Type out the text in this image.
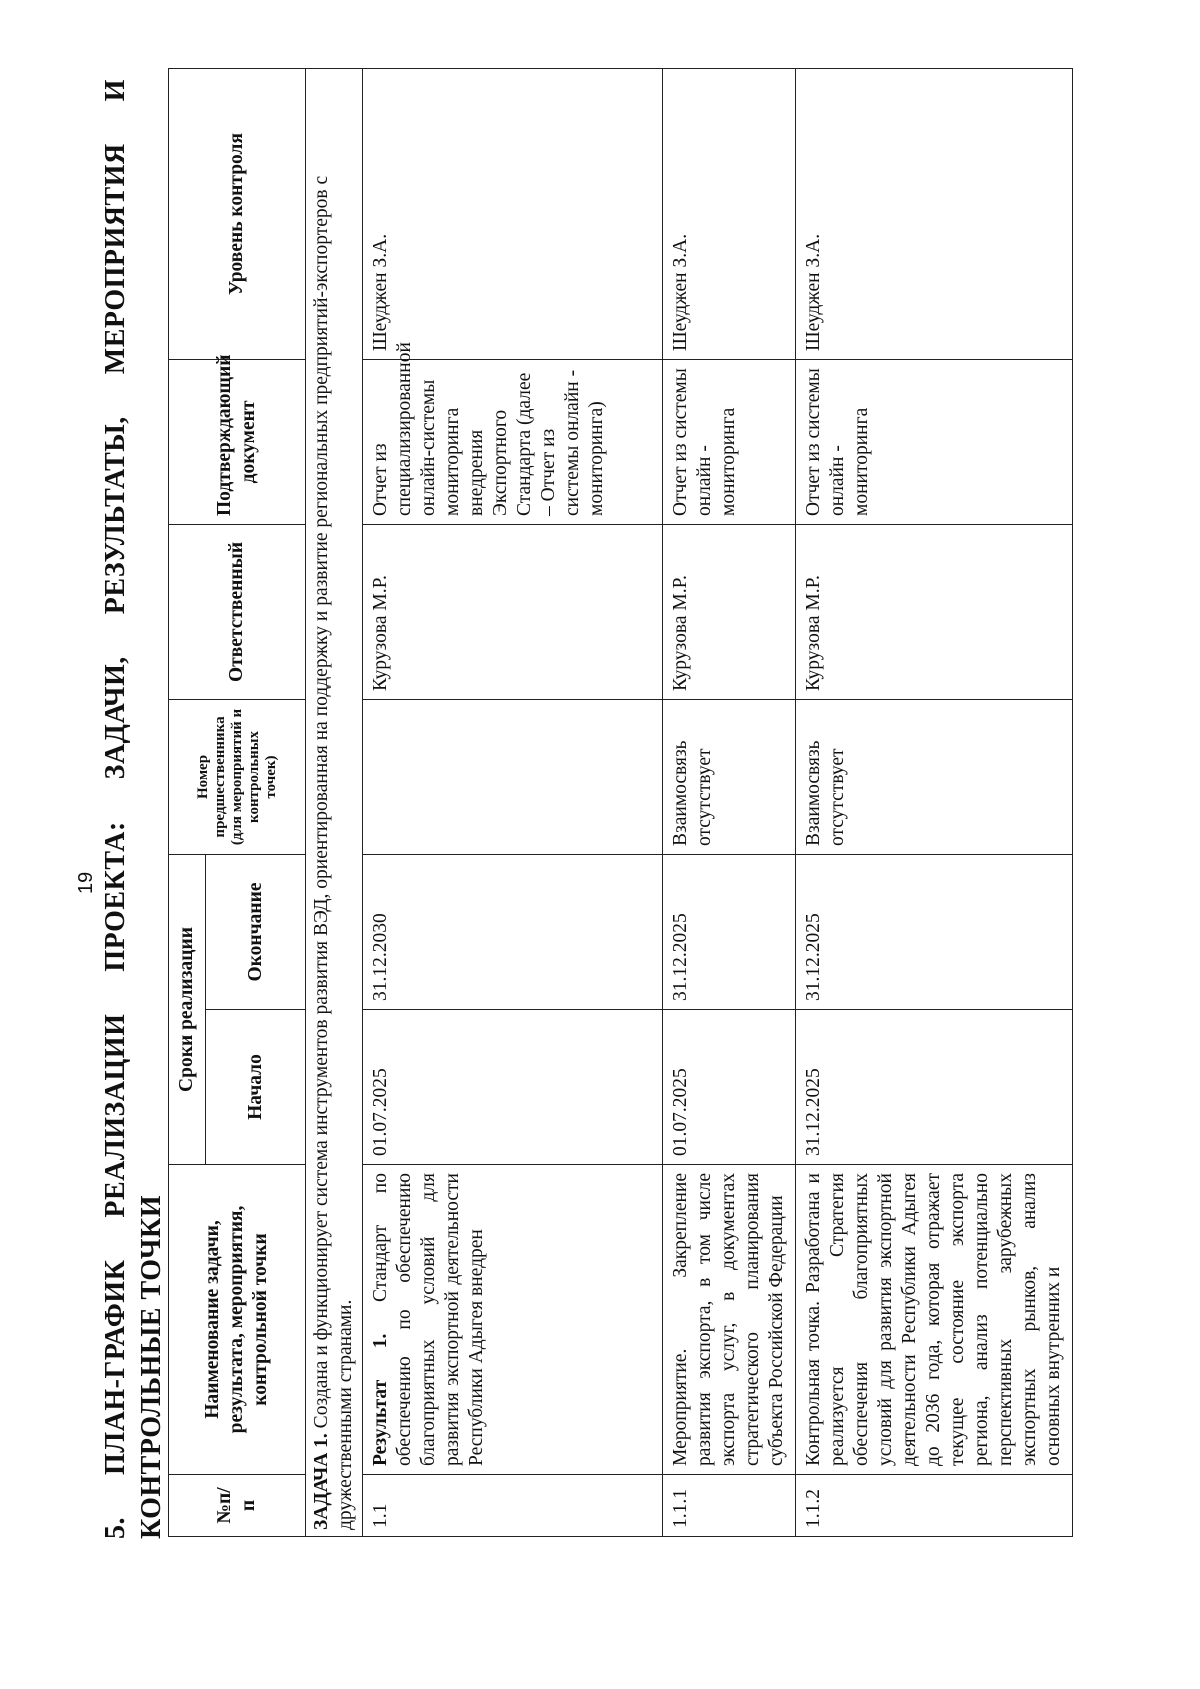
19
5.
ПЛАН-ГРАФИК
РЕАЛИЗАЦИИ
ПРОЕКТА:
ЗАДАЧИ,
РЕЗУЛЬТАТЫ,
МЕРОПРИЯТИЯ
И
КОНТРОЛЬНЫЕ ТОЧКИ №п/п	Наименование задачи, результата, мероприятия, контрольной точки	Сроки реализации		Номер предшественника (для мероприятий и контрольных точек)	Ответственный	Подтверждающий документ	Уровень контроля
		Начало	Окончание				
ЗАДАЧА 1. Создана и функционирует система инструментов развития ВЭД, ориентированная на поддержку и развитие региональных предприятий-экспортеров с дружественными странами.							
1.1	Результат 1. Стандарт по обеспечению по обеспечению благоприятных условий для развития экспортной деятельности Республики Адыгея внедрен	01.07.2025	31.12.2030		Курузова М.Р.	Отчет из специализированной онлайн-системы мониторинга внедрения Экспортного Стандарта (далее – Отчет из системы онлайн - мониторинга)	Шеуджен З.А.
1.1.1	Мероприятие. Закрепление развития экспорта, в том числе экспорта услуг, в документах стратегического планирования субъекта Российской Федерации	01.07.2025	31.12.2025	Взаимосвязь отсутствует	Курузова М.Р.	Отчет из системы онлайн - мониторинга	Шеуджен З.А.
1.1.2	Контрольная точка. Разработана и реализуется Стратегия обеспечения благоприятных условий для развития экспортной деятельности Республики Адыгея до 2036 года, которая отражает текущее состояние экспорта региона, анализ потенциально перспективных зарубежных экспортных рынков, анализ основных внутренних и	31.12.2025	31.12.2025	Взаимосвязь отсутствует	Курузова М.Р.	Отчет из системы онлайн - мониторинга	Шеуджен З.А.
